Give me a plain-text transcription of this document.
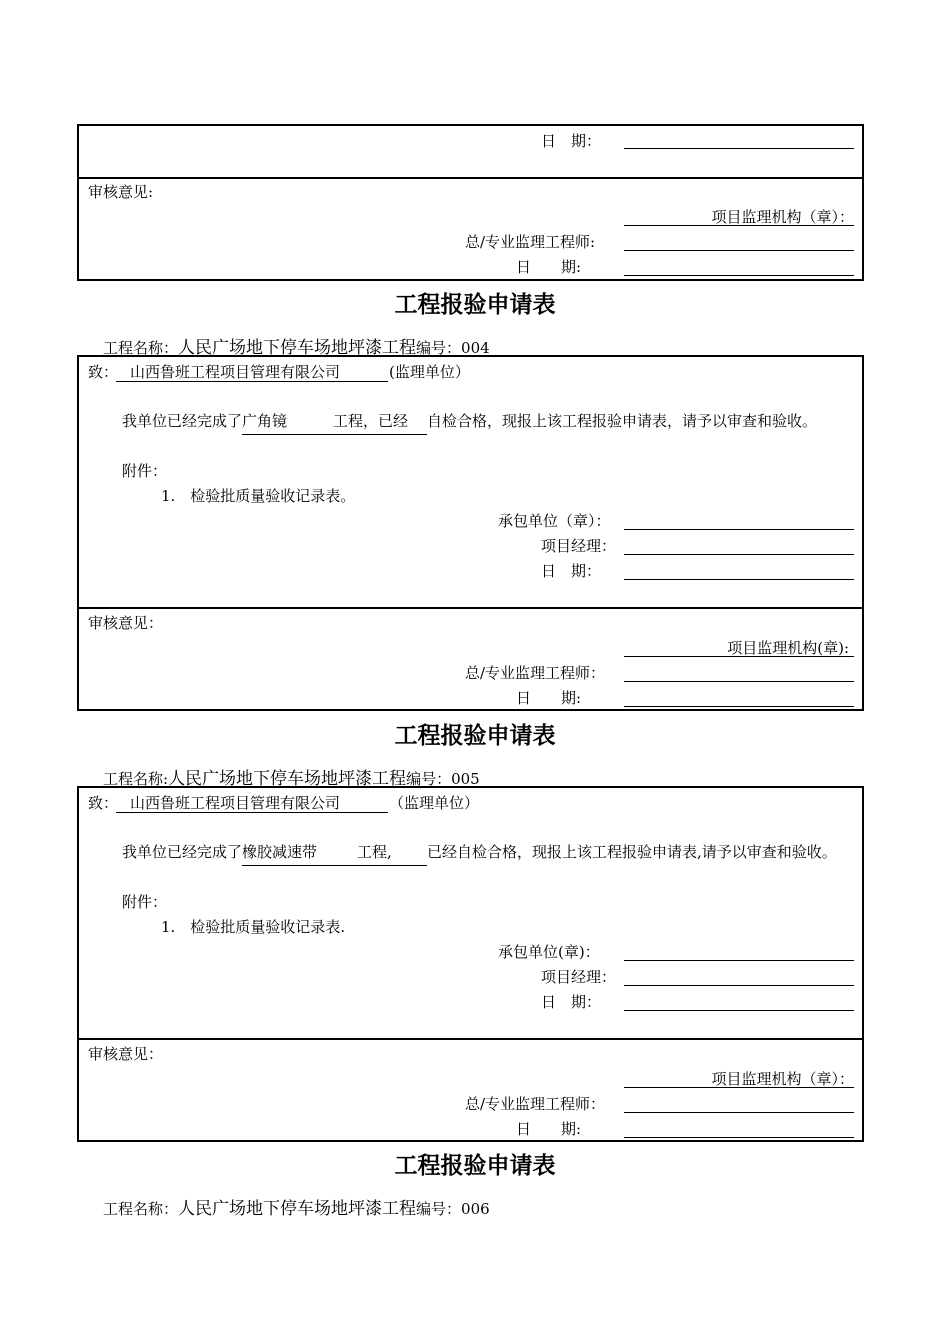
日　期：
审核意见:
项目监理机构（章）：
总/专业监理工程师:
日　　期:
工程报验申请表
工程名称：人民广场地下停车场地坪漆工程编号：004
致： 山西鲁班工程项目管理有限公司	(监理单位）
我单位已经完成了广角镜	工程，已经 自检合格，现报上该工程报验申请表，请予以审查和验收。
附件：
1.　检验批质量验收记录表。
承包单位（章）：
项目经理：
日　期：
审核意见：
项目监理机构(章):
总/专业监理工程师：
日　　期:
工程报验申请表
工程名称:人民广场地下停车场地坪漆工程编号：005
致： 山西鲁班工程项目管理有限公司	（监理单位）
我单位已经完成了橡胶减速带	工程, 已经自检合格，现报上该工程报验申请表,请予以审查和验收。
附件：
1.　检验批质量验收记录表.
承包单位(章)：
项目经理：
日　期：
审核意见：
项目监理机构（章）：
总/专业监理工程师：
日　　期:
工程报验申请表
工程名称：人民广场地下停车场地坪漆工程编号：006
